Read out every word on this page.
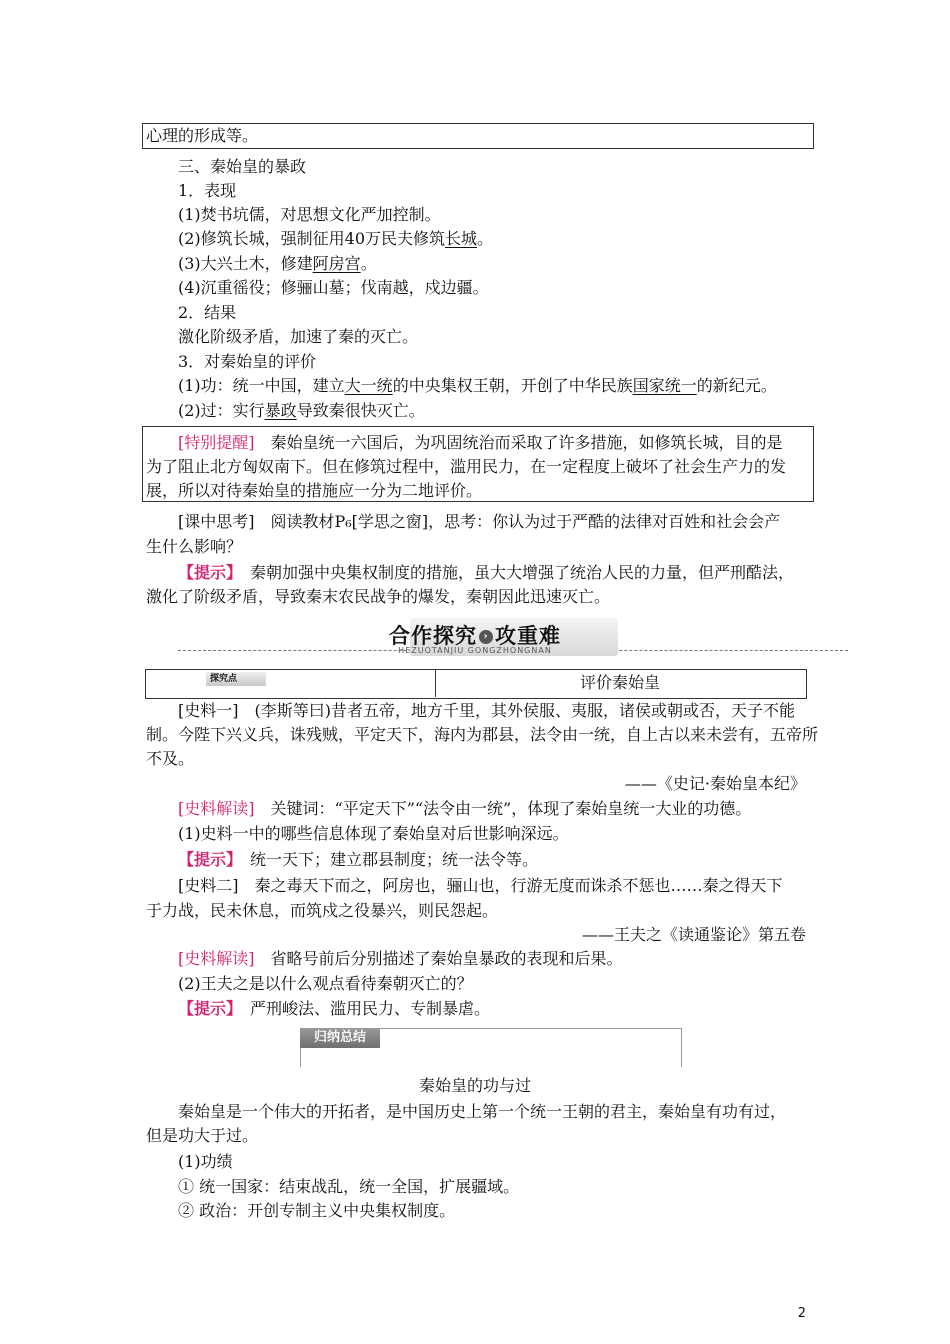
心理的形成等。
三、秦始皇的暴政
1．表现
(1)焚书坑儒，对思想文化严加控制。
(2)修筑长城，强制征用40万民夫修筑长城。
(3)大兴土木，修建阿房宫。
(4)沉重徭役；修骊山墓；伐南越，戍边疆。
2．结果
激化阶级矛盾，加速了秦的灭亡。
3．对秦始皇的评价
(1)功：统一中国，建立大一统的中央集权王朝，开创了中华民族国家统一的新纪元。
(2)过：实行暴政导致秦很快灭亡。
[特别提醒]　 秦始皇统一六国后，为巩固统治而采取了许多措施，如修筑长城，目的是
为了阻止北方匈奴南下。但在修筑过程中，滥用民力，在一定程度上破坏了社会生产力的发
展，所以对待秦始皇的措施应一分为二地评价。
[课中思考]　阅读教材P₆[学思之窗]，思考：你认为过于严酷的法律对百姓和社会会产
生什么影响？
【提示】　 秦朝加强中央集权制度的措施，虽大大增强了统治人民的力量，但严刑酷法，
激化了阶级矛盾，导致秦末农民战争的爆发，秦朝因此迅速灭亡。
合作探究 › 攻重难
HEZUOTANJIU GONGZHONGNAN
探究点	评价秦始皇
[史料一]　(李斯等曰)昔者五帝，地方千里，其外侯服、夷服，诸侯或朝或否，天子不能
制。今陛下兴义兵，诛残贼，平定天下，海内为郡县，法令由一统，自上古以来未尝有，五帝所
不及。
——《史记·秦始皇本纪》
[史料解读]　 关键词：“平定天下”“法令由一统”，体现了秦始皇统一大业的功德。
(1)史料一中的哪些信息体现了秦始皇对后世影响深远。
【提示】　 统一天下；建立郡县制度；统一法令等。
[史料二]　秦之毒天下而之，阿房也，骊山也，行游无度而诛杀不惩也……秦之得天下
于力战，民未休息，而筑戍之役暴兴，则民怨起。
——王夫之《读通鉴论》第五卷
[史料解读]　 省略号前后分别描述了秦始皇暴政的表现和后果。
(2)王夫之是以什么观点看待秦朝灭亡的？
【提示】　 严刑峻法、滥用民力、专制暴虐。
归纳总结
秦始皇的功与过
秦始皇是一个伟大的开拓者，是中国历史上第一个统一王朝的君主，秦始皇有功有过，
但是功大于过。
(1)功绩
① 统一国家：结束战乱，统一全国，扩展疆域。
② 政治：开创专制主义中央集权制度。
2
